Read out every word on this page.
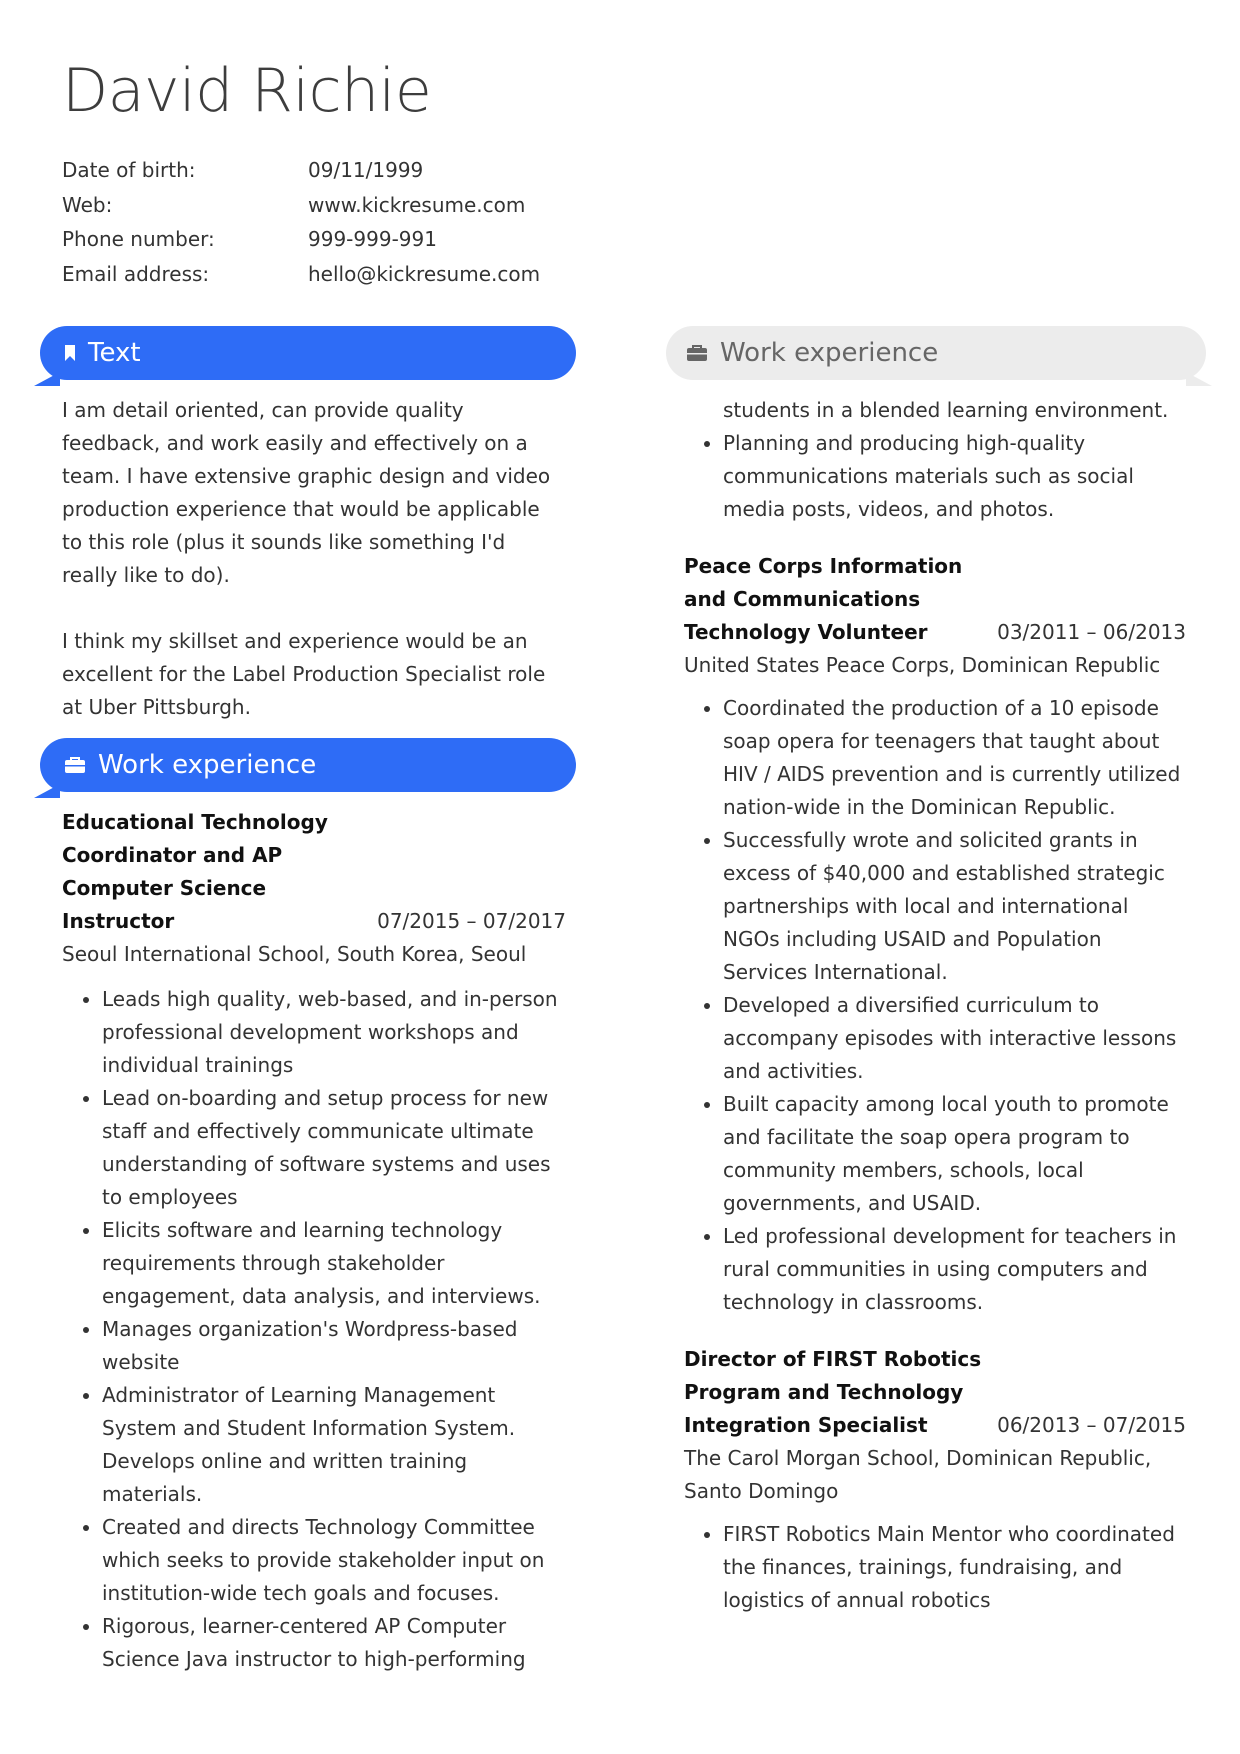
David Richie
Date of birth:	09/11/1999
Web:	www.kickresume.com
Phone number:	999-999-991
Email address:	hello@kickresume.com
Text

I am detail oriented, can provide quality feedback, and work easily and effectively on a team. I have extensive graphic design and video production experience that would be applicable to this role (plus it sounds like something I'd really like to do).

I think my skillset and experience would be an excellent for the Label Production Specialist role at Uber Pittsburgh.

Work experience
Educational Technology Coordinator and AP Computer Science Instructor	07/2015 – 07/2017
Seoul International School, South Korea, Seoul
• Leads high quality, web-based, and in-person professional development workshops and individual trainings
• Lead on-boarding and setup process for new staff and effectively communicate ultimate understanding of software systems and uses to employees
• Elicits software and learning technology requirements through stakeholder engagement, data analysis, and interviews.
• Manages organization's Wordpress-based website
• Administrator of Learning Management System and Student Information System. Develops online and written training materials.
• Created and directs Technology Committee which seeks to provide stakeholder input on institution-wide tech goals and focuses.
• Rigorous, learner-centered AP Computer Science Java instructor to high-performing
Work experience
students in a blended learning environment.
• Planning and producing high-quality communications materials such as social media posts, videos, and photos.
Peace Corps Information
and Communications
Technology Volunteer	03/2011 – 06/2013
United States Peace Corps, Dominican Republic
• Coordinated the production of a 10 episode soap opera for teenagers that taught about HIV / AIDS prevention and is currently utilized nation-wide in the Dominican Republic.
• Successfully wrote and solicited grants in excess of $40,000 and established strategic partnerships with local and international NGOs including USAID and Population Services International.
• Developed a diversified curriculum to accompany episodes with interactive lessons and activities.
• Built capacity among local youth to promote and facilitate the soap opera program to community members, schools, local governments, and USAID.
• Led professional development for teachers in rural communities in using computers and technology in classrooms.
Director of FIRST Robotics
Program and Technology
Integration Specialist	06/2013 – 07/2015
The Carol Morgan School, Dominican Republic, Santo Domingo
• FIRST Robotics Main Mentor who coordinated the finances, trainings, fundraising, and logistics of annual robotics
